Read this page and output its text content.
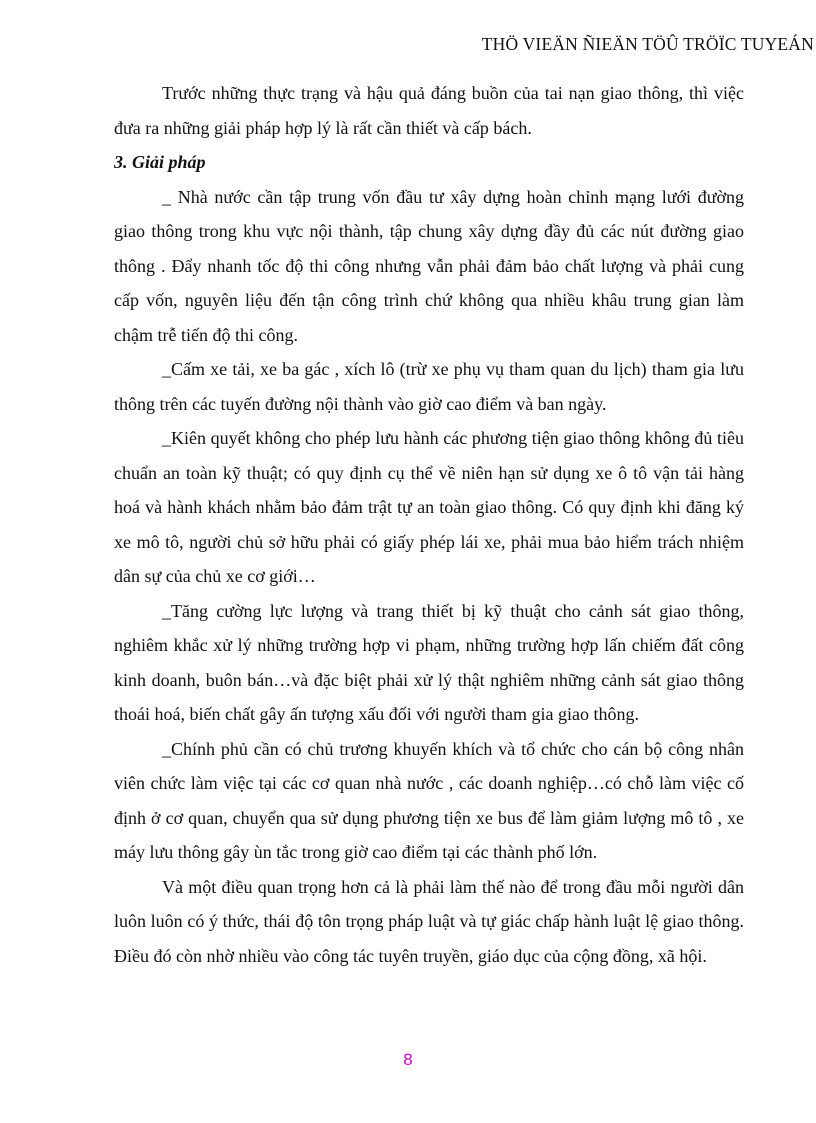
THÖ VIEÄN ÑIEÄN TÖÛ TRÖÏC TUYEÁN

Trước những thực trạng và hậu quả đáng buồn của tai nạn giao thông, thì việc đưa ra những giải pháp hợp lý là rất cần thiết và cấp bách.

3. Giải pháp

_ Nhà nước cần tập trung vốn đầu tư xây dựng hoàn chỉnh mạng lưới đường giao thông trong khu vực nội thành, tập chung xây dựng đầy đủ các nút đường giao thông . Đẩy nhanh tốc độ thi công nhưng vẫn phải đảm bảo chất lượng và phải cung cấp vốn, nguyên liệu đến tận công trình chứ không qua nhiều khâu trung gian làm chậm trễ tiến độ thi công.

_Cấm xe tải, xe ba gác , xích lô (trừ xe phụ vụ tham quan du lịch) tham gia lưu thông trên các tuyến đường nội thành vào giờ cao điểm và ban ngày.

_Kiên quyết không cho phép lưu hành các phương tiện giao thông không đủ tiêu chuẩn an toàn kỹ thuật; có quy định cụ thể về niên hạn sử dụng xe ô tô vận tải hàng hoá và hành khách nhằm bảo đảm trật tự an toàn giao thông. Có quy định khi đăng ký xe mô tô, người chủ sở hữu phải có giấy phép lái xe, phải mua bảo hiểm trách nhiệm dân sự của chủ xe cơ giới…

_Tăng cường lực lượng và trang thiết bị kỹ thuật cho cảnh sát giao thông, nghiêm khắc xử lý những trường hợp vi phạm, những trường hợp lấn chiếm đất công kinh doanh, buôn bán…và đặc biệt phải xử lý thật nghiêm những cảnh sát giao thông thoái hoá, biến chất gây ấn tượng xấu đối với người tham gia giao thông.

_Chính phủ cần có chủ trương khuyến khích và tổ chức cho cán bộ công nhân viên chức làm việc tại các cơ quan nhà nước , các doanh nghiệp…có chỗ làm việc cố định ở cơ quan, chuyển qua sử dụng phương tiện xe bus để làm giảm lượng mô tô , xe máy lưu thông gây ùn tắc trong giờ cao điểm tại các thành phố lớn.

Và một điều quan trọng hơn cả là phải làm thế nào để trong đầu mỗi người dân luôn luôn có ý thức, thái độ tôn trọng pháp luật và tự giác chấp hành luật lệ giao thông. Điều đó còn nhờ nhiều vào công tác tuyên truyền, giáo dục của cộng đồng, xã hội.

8
